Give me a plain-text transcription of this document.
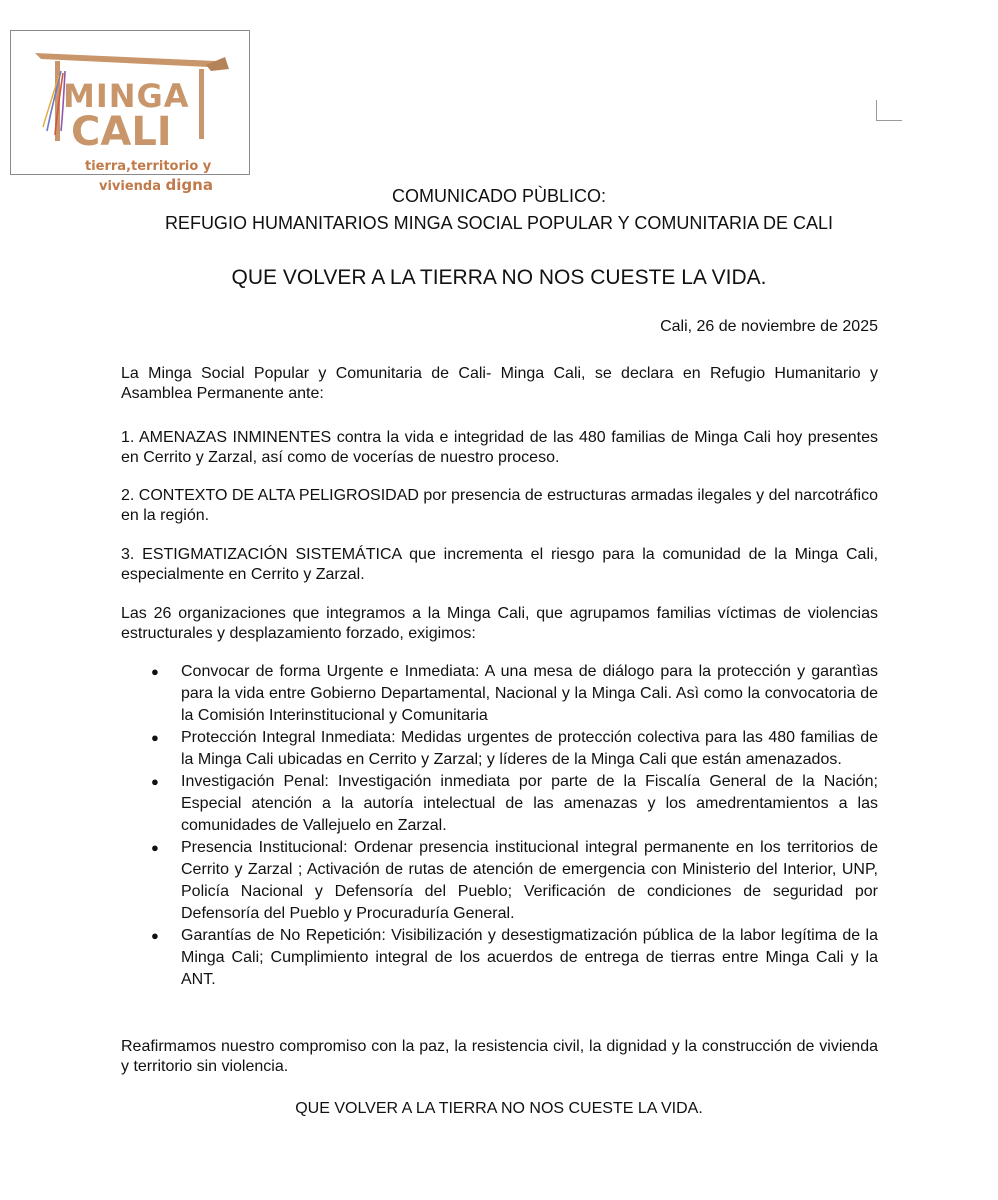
MINGA
CALI
tierra,territorio y
vivienda digna
COMUNICADO PÙBLICO:
REFUGIO HUMANITARIOS MINGA SOCIAL POPULAR Y COMUNITARIA DE CALI
QUE VOLVER A LA TIERRA NO NOS CUESTE LA VIDA.
Cali, 26 de noviembre de 2025

La Minga Social Popular y Comunitaria de Cali- Minga Cali, se declara en Refugio Humanitario y Asamblea Permanente ante:

1. AMENAZAS INMINENTES contra la vida e integridad de las 480 familias de Minga Cali hoy presentes en Cerrito y Zarzal, así como de vocerías de nuestro proceso.

2. CONTEXTO DE ALTA PELIGROSIDAD por presencia de estructuras armadas ilegales y del narcotráfico en la región.

3. ESTIGMATIZACIÓN SISTEMÁTICA que incrementa el riesgo para la comunidad de la Minga Cali, especialmente en Cerrito y Zarzal.

Las 26 organizaciones que integramos a la Minga Cali, que agrupamos familias víctimas de violencias estructurales y desplazamiento forzado, exigimos:

● Convocar de forma Urgente e Inmediata: A una mesa de diálogo para la protección y garantìas para la vida entre Gobierno Departamental, Nacional y la Minga Cali. Asì como la convocatoria de la Comisión Interinstitucional y Comunitaria
● Protección Integral Inmediata: Medidas urgentes de protección colectiva para las 480 familias de la Minga Cali ubicadas en Cerrito y Zarzal; y líderes de la Minga Cali que están amenazados.
● Investigación Penal: Investigación inmediata por parte de la Fiscalía General de la Nación; Especial atención a la autoría intelectual de las amenazas y los amedrentamientos a las comunidades de Vallejuelo en Zarzal.
● Presencia Institucional: Ordenar presencia institucional integral permanente en los territorios de Cerrito y Zarzal ; Activación de rutas de atención de emergencia con Ministerio del Interior, UNP, Policía Nacional y Defensoría del Pueblo; Verificación de condiciones de seguridad por Defensoría del Pueblo y Procuraduría General.
● Garantías de No Repetición: Visibilización y desestigmatización pública de la labor legítima de la Minga Cali; Cumplimiento integral de los acuerdos de entrega de tierras entre Minga Cali y la ANT.

Reafirmamos nuestro compromiso con la paz, la resistencia civil, la dignidad y la construcción de vivienda y territorio sin violencia.

QUE VOLVER A LA TIERRA NO NOS CUESTE LA VIDA.
